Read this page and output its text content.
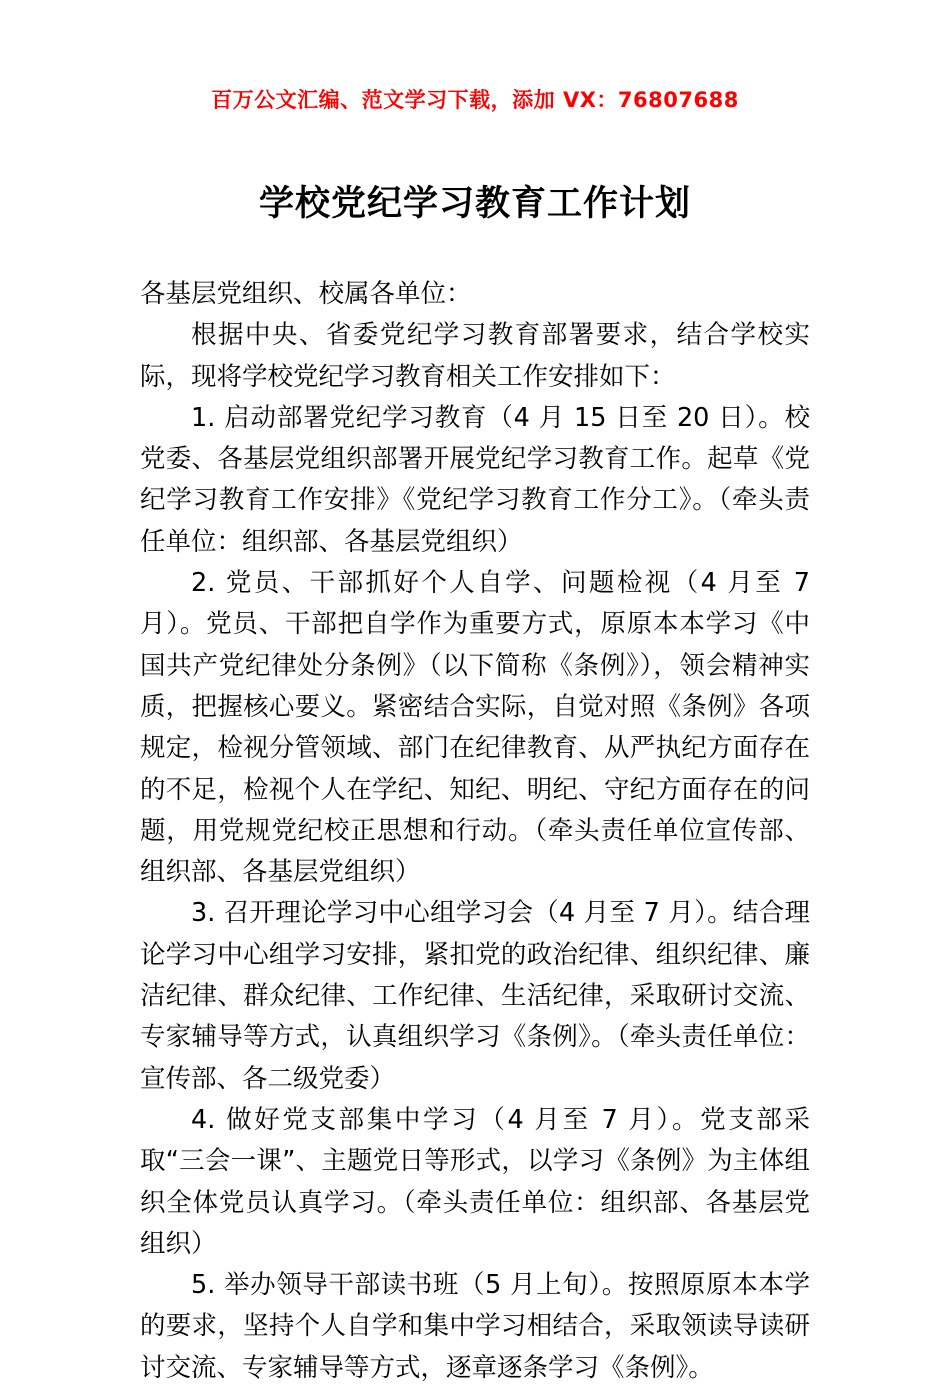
百万公文汇编、范文学习下载，添加 VX：76807688
学校党纪学习教育工作计划

各基层党组织、校属各单位：

根据中央、省委党纪学习教育部署要求，结合学校实际，现将学校党纪学习教育相关工作安排如下：

1. 启动部署党纪学习教育（4 月 15 日至 20 日）。校党委、各基层党组织部署开展党纪学习教育工作。起草《党纪学习教育工作安排》《党纪学习教育工作分工》。（牵头责任单位：组织部、各基层党组织）

2. 党员、干部抓好个人自学、问题检视（4 月至 7 月）。党员、干部把自学作为重要方式，原原本本学习《中国共产党纪律处分条例》（以下简称《条例》），领会精神实质，把握核心要义。紧密结合实际，自觉对照《条例》各项规定，检视分管领域、部门在纪律教育、从严执纪方面存在的不足，检视个人在学纪、知纪、明纪、守纪方面存在的问题，用党规党纪校正思想和行动。（牵头责任单位宣传部、组织部、各基层党组织）

3. 召开理论学习中心组学习会（4 月至 7 月）。结合理论学习中心组学习安排，紧扣党的政治纪律、组织纪律、廉洁纪律、群众纪律、工作纪律、生活纪律，采取研讨交流、专家辅导等方式，认真组织学习《条例》。（牵头责任单位：宣传部、各二级党委）

4. 做好党支部集中学习（4 月至 7 月）。党支部采取“三会一课”、主题党日等形式，以学习《条例》为主体组织全体党员认真学习。（牵头责任单位：组织部、各基层党组织）

5. 举办领导干部读书班（5 月上旬）。按照原原本本学的要求，坚持个人自学和集中学习相结合，采取领读导读研讨交流、专家辅导等方式，逐章逐条学习《条例》。
